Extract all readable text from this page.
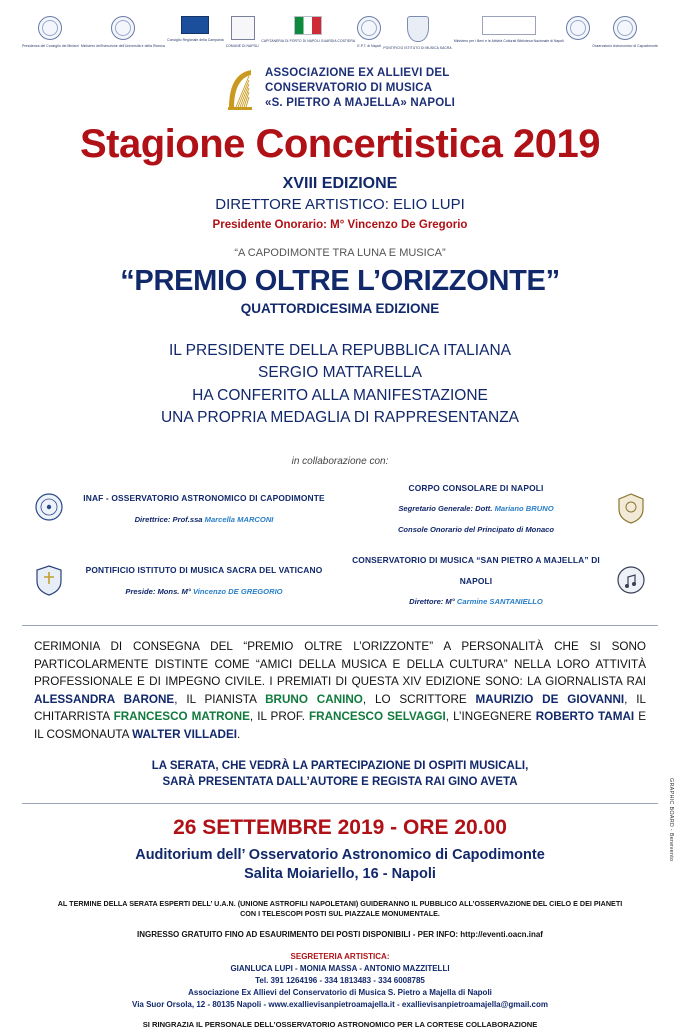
Presidenza del Consiglio dei Ministri Ministero dell'Istruzione dell'Università e della Ricerca
Consiglio Regionale della Campania
COMUNE DI NAPOLI
CAPITANERIA DI PORTO DI NAPOLI GUARDIA COSTIERA
E.P.T. di Napoli PONTIFICIO ISTITUTO DI MUSICA SACRA
Ministero per i Beni e le Attività Culturali Biblioteca Nazionale di Napoli
Osservatorio Astronomico di Capodimonte
ASSOCIAZIONE EX ALLIEVI DEL
CONSERVATORIO DI MUSICA
«S. PIETRO A MAJELLA» NAPOLI
Stagione Concertistica 2019
XVIII EDIZIONE
DIRETTORE ARTISTICO: ELIO LUPI
Presidente Onorario: M° Vincenzo De Gregorio
“A CAPODIMONTE TRA LUNA E MUSICA”
“PREMIO OLTRE L’ORIZZONTE”
QUATTORDICESIMA EDIZIONE
IL PRESIDENTE DELLA REPUBBLICA ITALIANA
SERGIO MATTARELLA
HA CONFERITO ALLA MANIFESTAZIONE
UNA PROPRIA MEDAGLIA DI RAPPRESENTANZA
in collaborazione con:
INAF - OSSERVATORIO ASTRONOMICO DI CAPODIMONTE
Direttrice: Prof.ssa Marcella MARCONI
CORPO CONSOLARE DI NAPOLI
Segretario Generale: Dott. Mariano BRUNO
Console Onorario del Principato di Monaco
PONTIFICIO ISTITUTO DI MUSICA SACRA DEL VATICANO
Preside: Mons. M° Vincenzo DE GREGORIO
CONSERVATORIO DI MUSICA “SAN PIETRO A MAJELLA” DI NAPOLI
Direttore: M° Carmine SANTANIELLO
CERIMONIA DI CONSEGNA DEL “PREMIO OLTRE L’ORIZZONTE” A PERSONALITÀ CHE SI SONO PARTICOLARMENTE DISTINTE COME “AMICI DELLA MUSICA E DELLA CULTURA” NELLA LORO ATTIVITÀ PROFESSIONALE E DI IMPEGNO CIVILE. I PREMIATI DI QUESTA XIV EDIZIONE SONO: LA GIORNALISTA RAI ALESSANDRA BARONE, IL PIANISTA BRUNO CANINO, LO SCRITTORE MAURIZIO DE GIOVANNI, IL CHITARRISTA FRANCESCO MATRONE, IL PROF. FRANCESCO SELVAGGI, L’INGEGNERE ROBERTO TAMAI E IL COSMONAUTA WALTER VILLADEI.
LA SERATA, CHE VEDRÀ LA PARTECIPAZIONE DI OSPITI MUSICALI,
SARÀ PRESENTATA DALL’AUTORE E REGISTA RAI GINO AVETA
26 SETTEMBRE 2019 - ORE 20.00
Auditorium dell’ Osservatorio Astronomico di Capodimonte
Salita Moiariello, 16 - Napoli
AL TERMINE DELLA SERATA ESPERTI DELL’ U.A.N. (UNIONE ASTROFILI NAPOLETANI) GUIDERANNO IL PUBBLICO ALL’OSSERVAZIONE DEL CIELO E DEI PIANETI
CON I TELESCOPI POSTI SUL PIAZZALE MONUMENTALE.
INGRESSO GRATUITO FINO AD ESAURIMENTO DEI POSTI DISPONIBILI - PER INFO: http://eventi.oacn.inaf
SEGRETERIA ARTISTICA:
GIANLUCA LUPI - MONIA MASSA - ANTONIO MAZZITELLI
Tel. 391 1264196 - 334 1813483 - 334 6008785
Associazione Ex Allievi del Conservatorio di Musica S. Pietro a Majella di Napoli
Via Suor Orsola, 12 - 80135 Napoli - www.exallievisanpietroamajella.it - exallievisanpietroamajella@gmail.com
SI RINGRAZIA IL PERSONALE DELL’OSSERVATORIO ASTRONOMICO PER LA CORTESE COLLABORAZIONE
GRAPHIC BOARD - Benevento
